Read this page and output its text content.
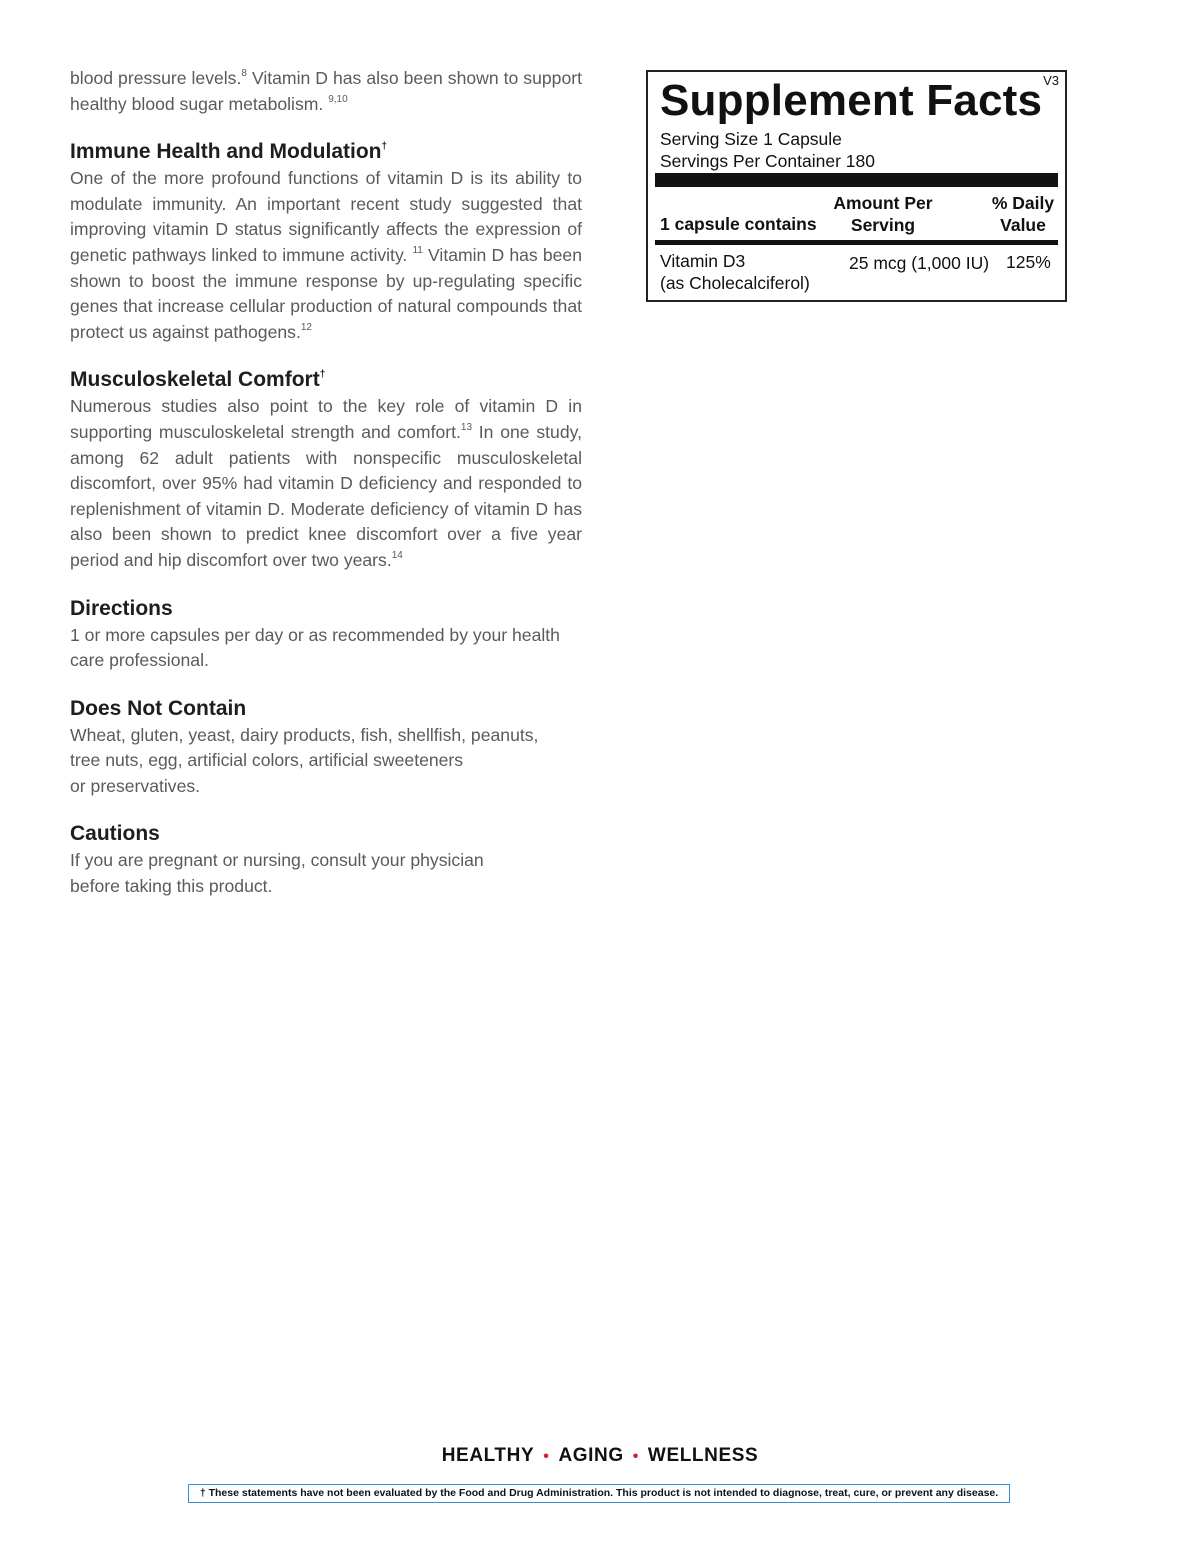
blood pressure levels.$^8$ Vitamin D has also been shown to support healthy blood sugar metabolism. $^{9,10}$

Immune Health and Modulation†

One of the more profound functions of vitamin D is its ability to modulate immunity. An important recent study suggested that improving vitamin D status significantly affects the expression of genetic pathways linked to immune activity. $^{11}$ Vitamin D has been shown to boost the immune response by up-regulating specific genes that increase cellular production of natural compounds that protect us against pathogens.$^{12}$

Musculoskeletal Comfort†

Numerous studies also point to the key role of vitamin D in supporting musculoskeletal strength and comfort.$^{13}$ In one study, among 62 adult patients with nonspecific musculoskeletal discomfort, over 95% had vitamin D deficiency and responded to replenishment of vitamin D. Moderate deficiency of vitamin D has also been shown to predict knee discomfort over a five year period and hip discomfort over two years.$^{14}$

Directions

1 or more capsules per day or as recommended by your health care professional.

Does Not Contain

Wheat, gluten, yeast, dairy products, fish, shellfish, peanuts,

tree nuts, egg, artificial colors, artificial sweeteners

or preservatives.

Cautions

If you are pregnant or nursing, consult your physician

before taking this product.

V3
Supplement Facts
Serving Size 1 Capsule
Servings Per Container 180
1 capsule contains
Amount Per
Serving
% Daily
Value
Vitamin D3
(as Cholecalciferol)
25 mcg (1,000 IU) 125%
HEALTHY • AGING • WELLNESS
† These statements have not been evaluated by the Food and Drug Administration. This product is not intended to diagnose, treat, cure, or prevent any disease.
